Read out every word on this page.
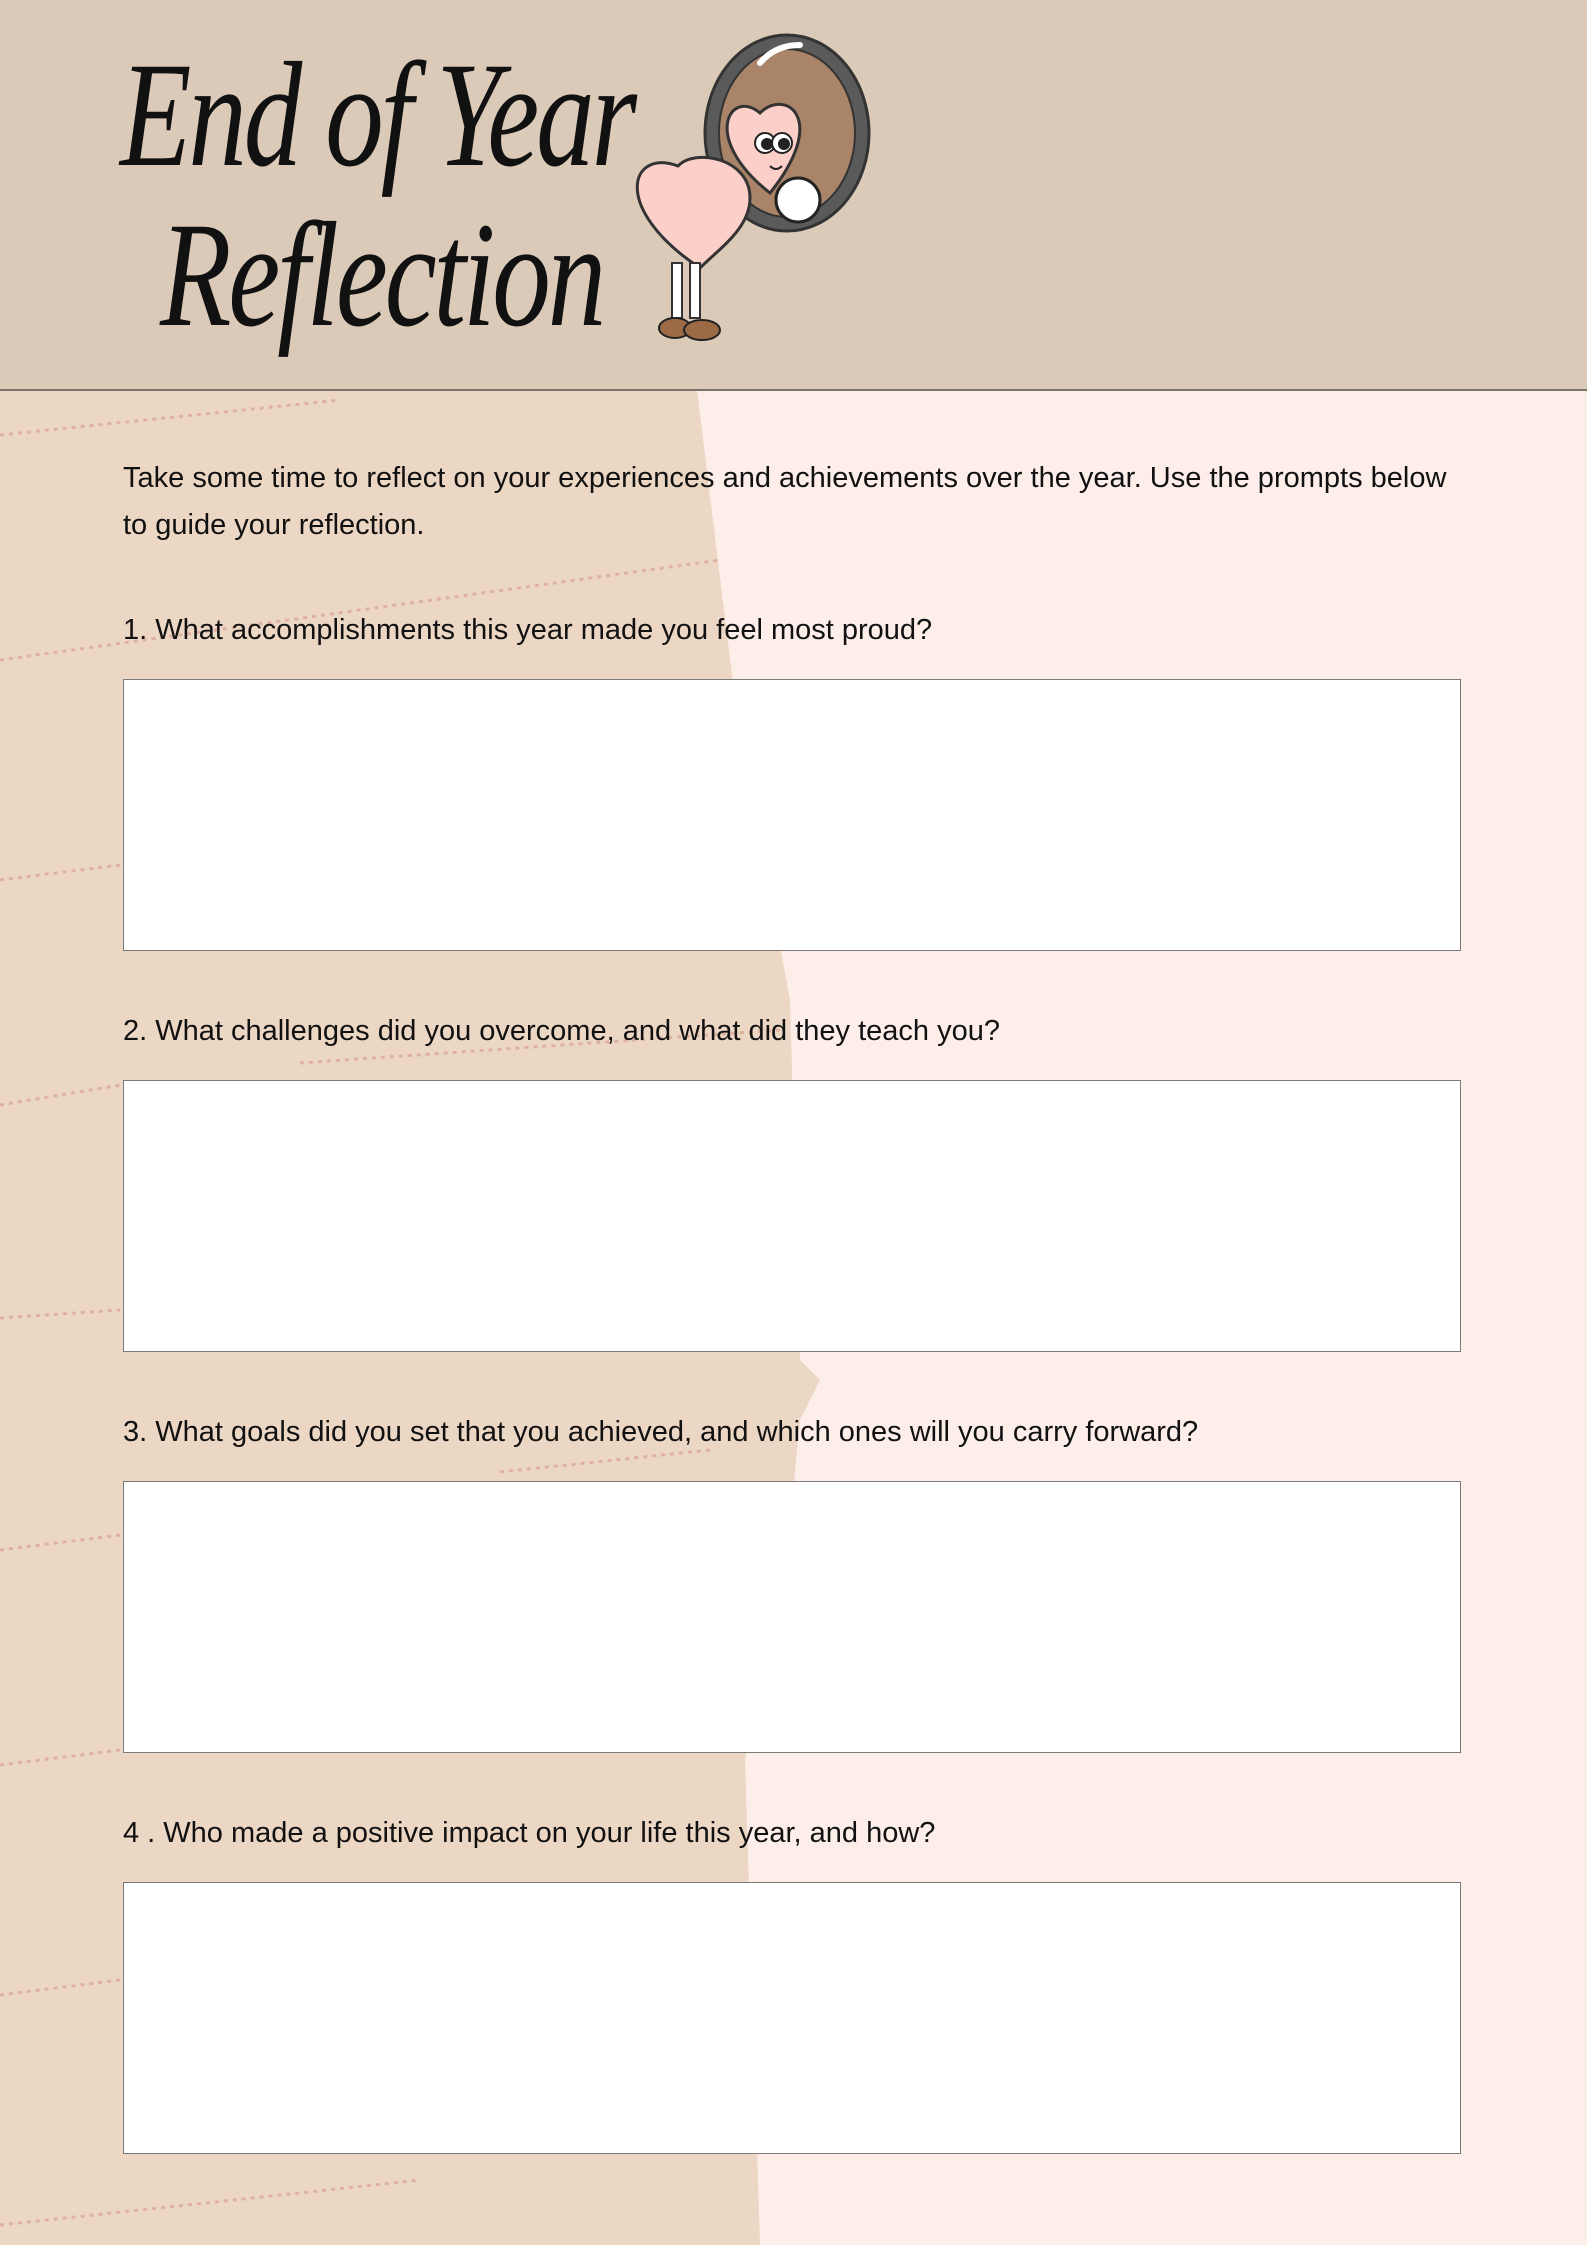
End of Year
Reflection
Take some time to reflect on your experiences and achievements over the year. Use the prompts below to guide your reflection.
1. What accomplishments this year made you feel most proud?
2. What challenges did you overcome, and what did they teach you?
3. What goals did you set that you achieved, and which ones will you carry forward?
4 . Who made a positive impact on your life this year, and how?
